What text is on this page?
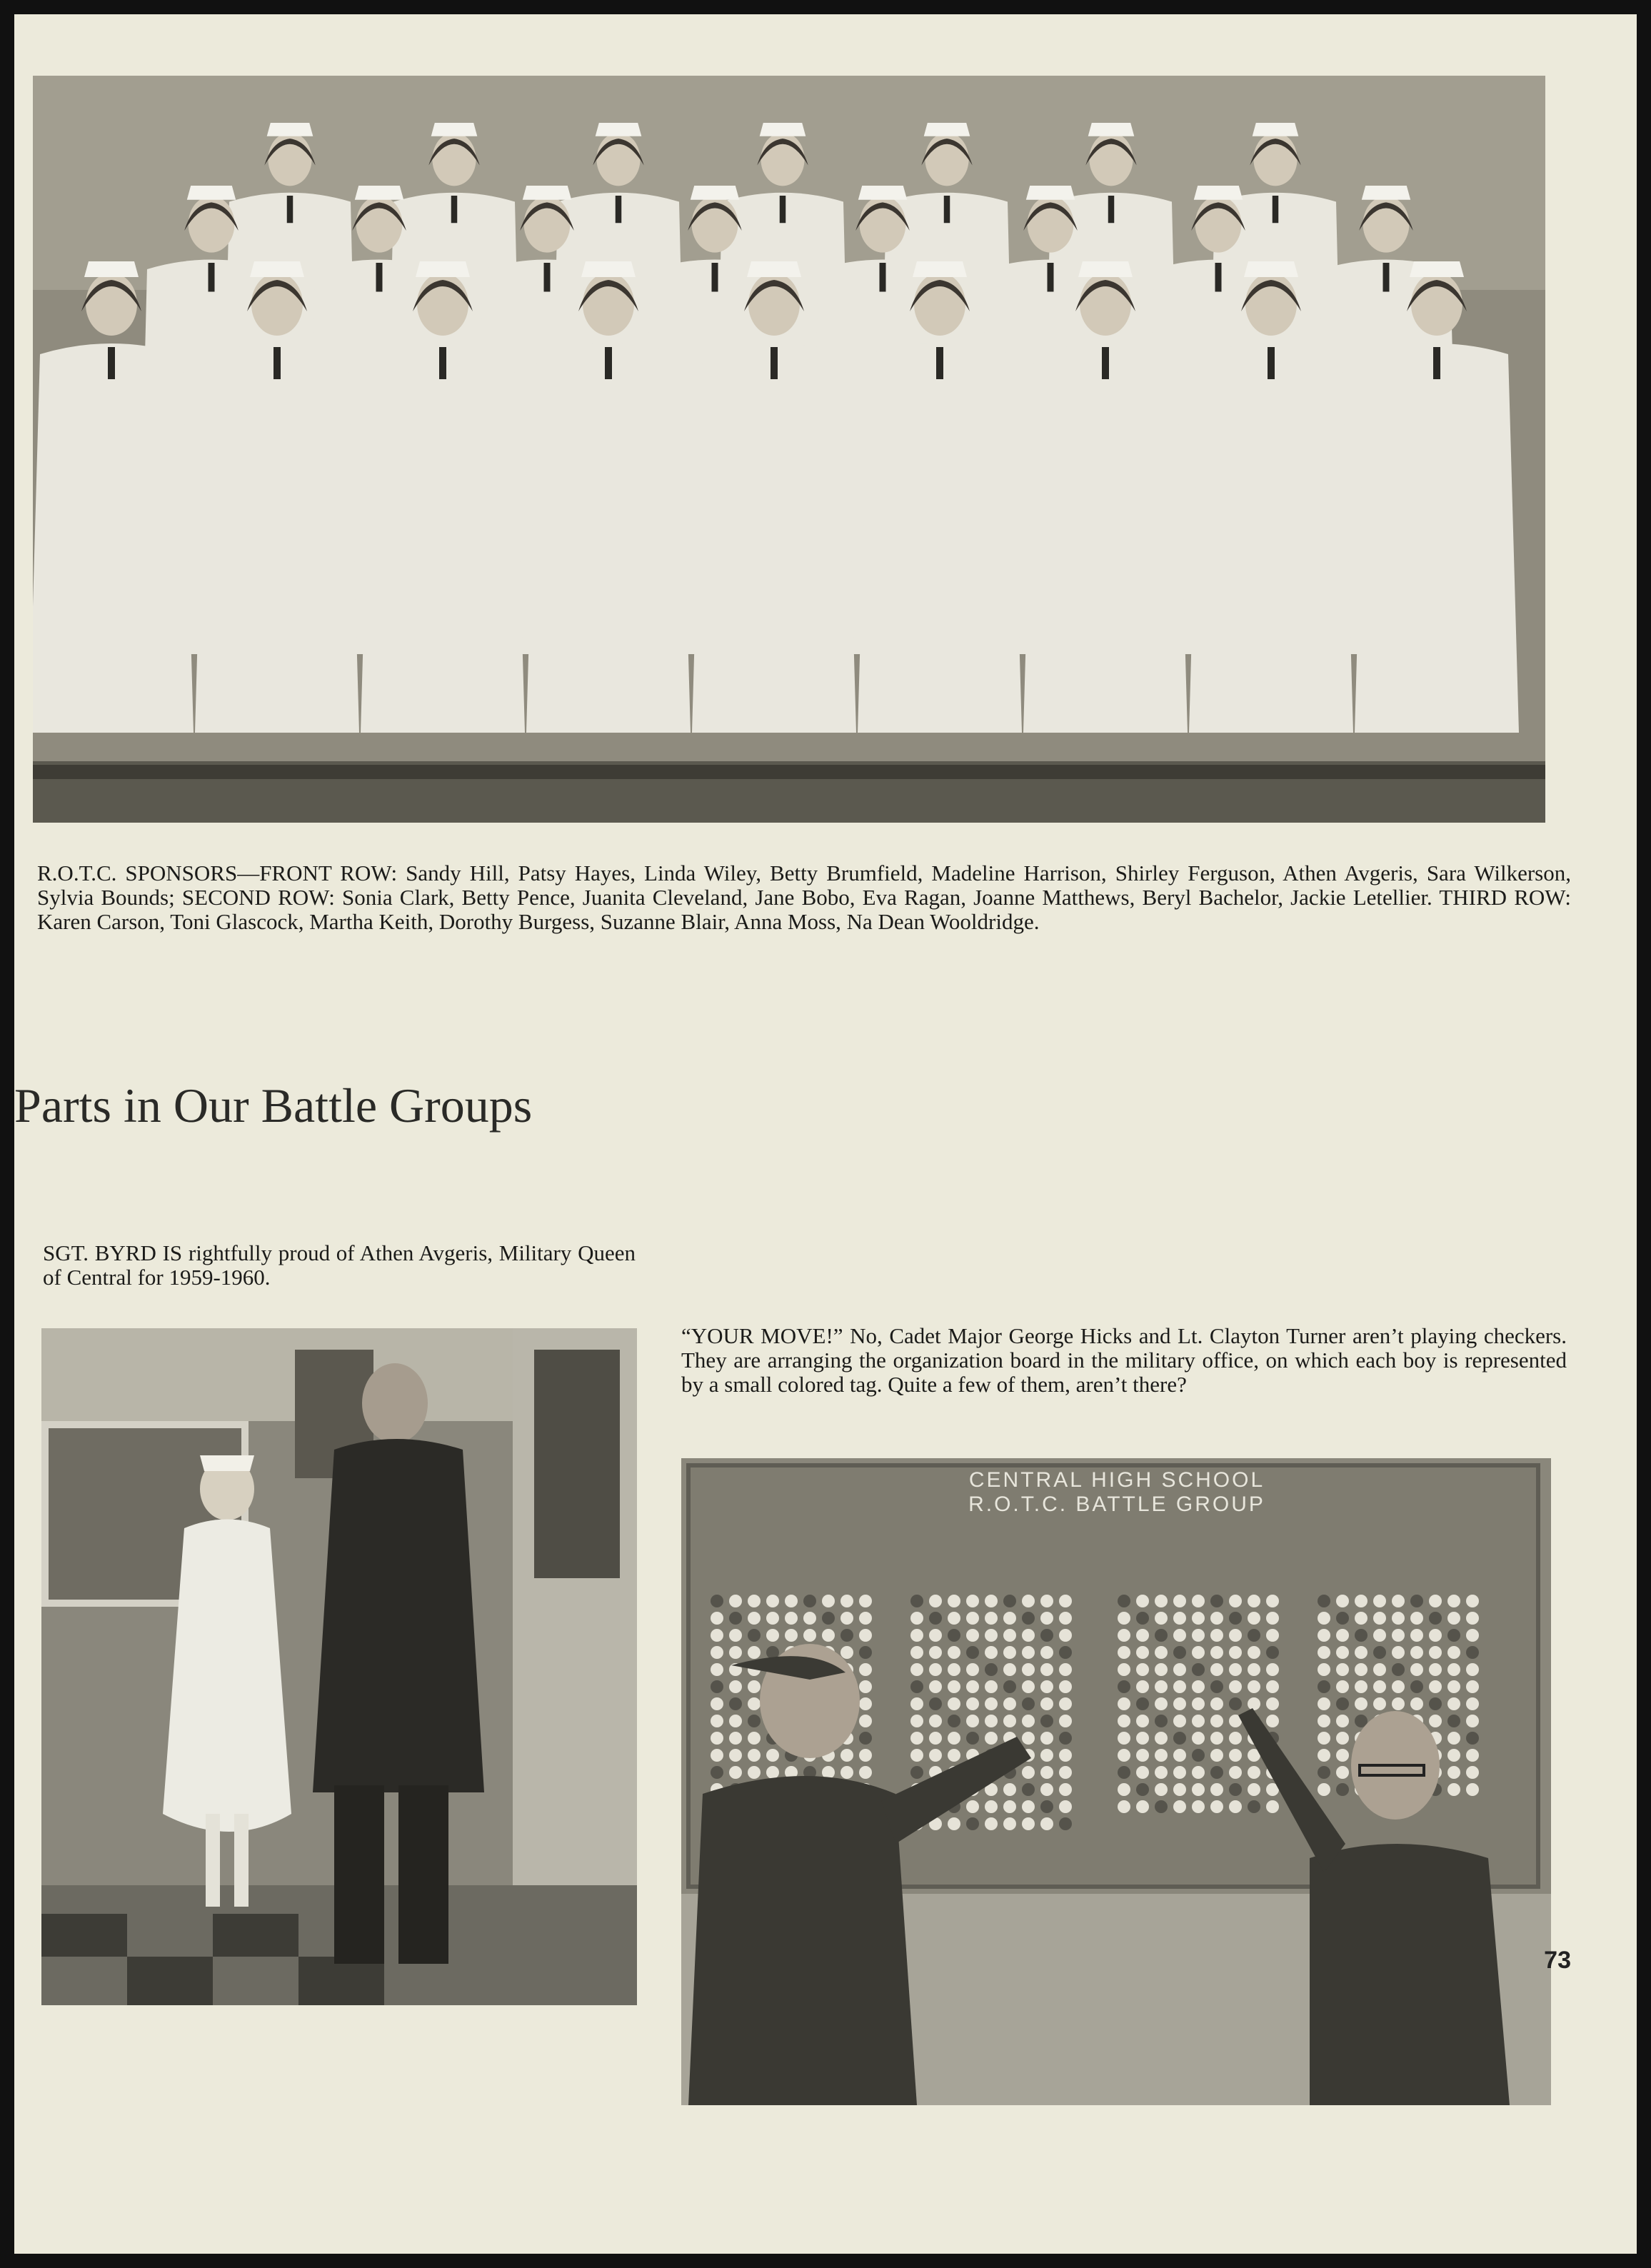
R.O.T.C. SPONSORS—FRONT ROW: Sandy Hill, Patsy Hayes, Linda Wiley, Betty Brumfield, Madeline Harrison, Shirley Ferguson, Athen Avgeris, Sara Wilkerson, Sylvia Bounds; SECOND ROW: Sonia Clark, Betty Pence, Juanita Cleveland, Jane Bobo, Eva Ragan, Joanne Matthews, Beryl Bachelor, Jackie Letellier. THIRD ROW: Karen Carson, Toni Glascock, Martha Keith, Dorothy Burgess, Suzanne Blair, Anna Moss, Na Dean Wooldridge.

Parts in Our Battle Groups

SGT. BYRD IS rightfully proud of Athen Avgeris, Military Queen of Central for 1959-1960.

“YOUR MOVE!” No, Cadet Major George Hicks and Lt. Clayton Turner aren’t playing checkers. They are arranging the organization board in the military office, on which each boy is represented by a small colored tag. Quite a few of them, aren’t there?

CENTRAL HIGH SCHOOL
R.O.T.C. BATTLE GROUP
73
